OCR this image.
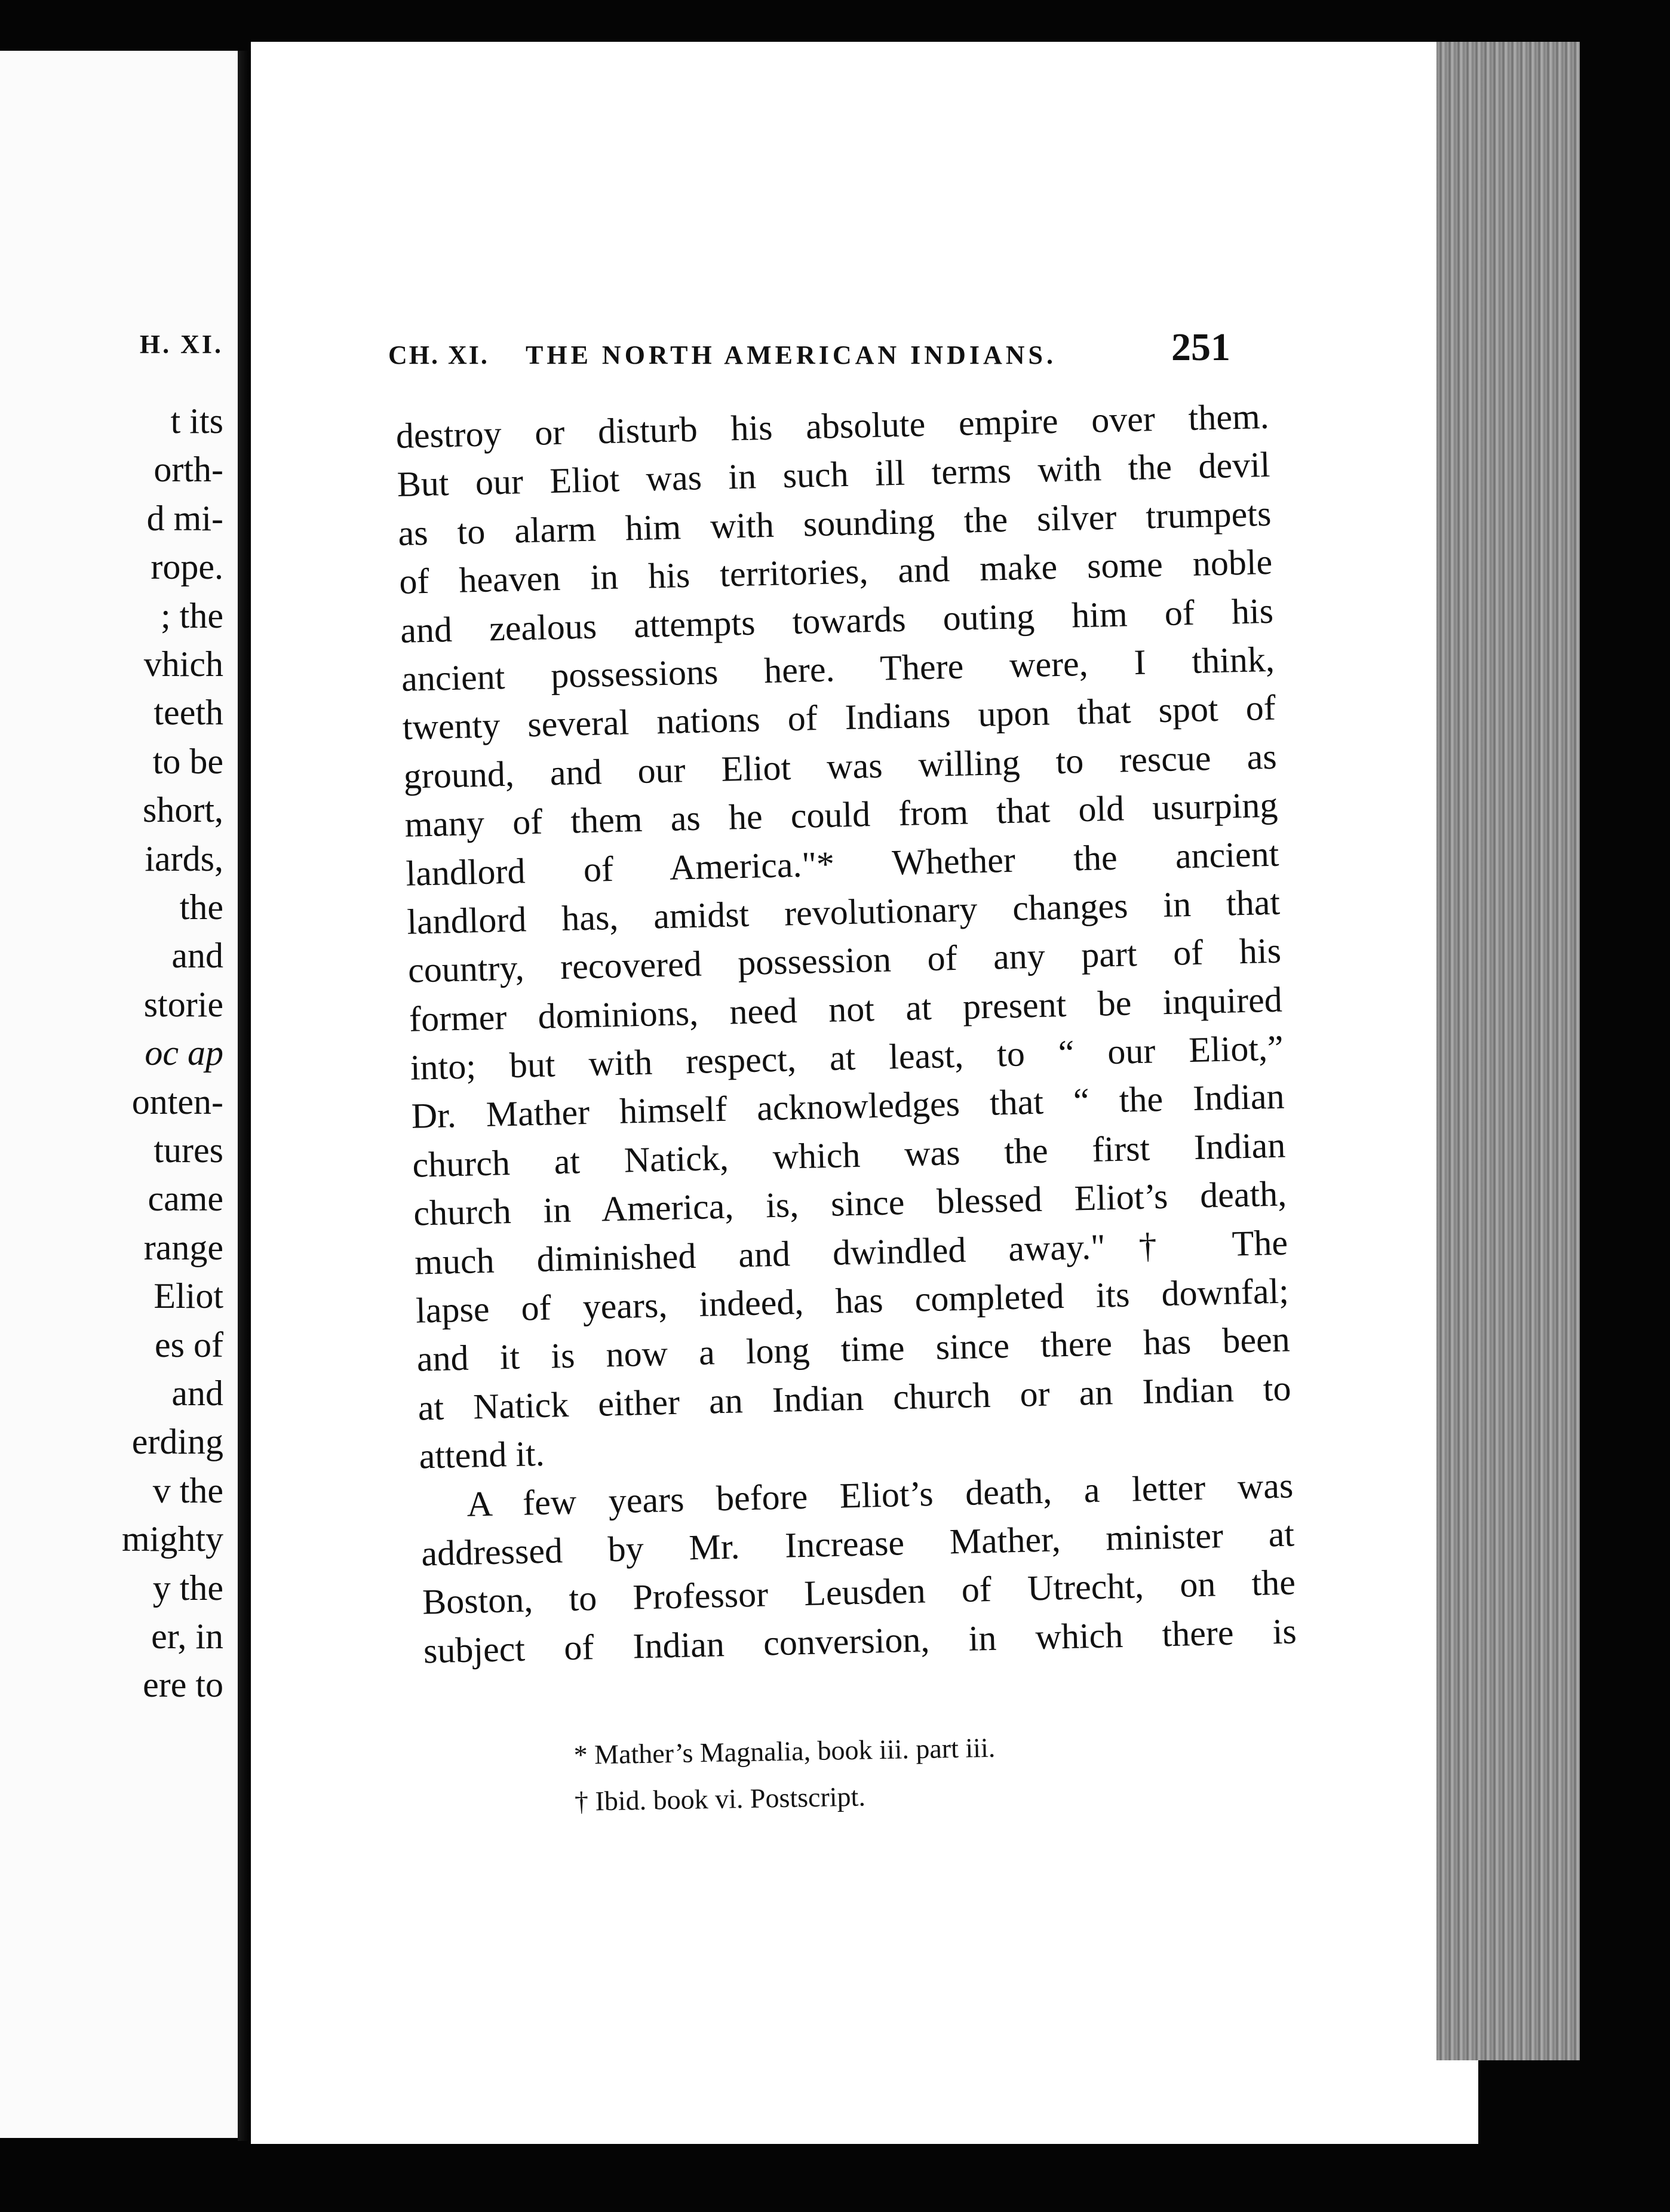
H. XI.
t its
orth-
d mi-
rope.
; the
vhich
teeth
to be
short,
iards,
the
and
storie
oc ap
onten-
tures
came
range
Eliot
es of
and
erding
v the
mighty
y the
er, in
ere to
CH. XI. THE NORTH AMERICAN INDIANS.	251

destroy or disturb his absolute empire over them.

But our Eliot was in such ill terms with the devil

as to alarm him with sounding the silver trumpets

of heaven in his territories, and make some noble

and zealous attempts towards outing him of his

ancient possessions here. There were, I think,

twenty several nations of Indians upon that spot of

ground, and our Eliot was willing to rescue as

many of them as he could from that old usurping

landlord of America."* Whether the ancient

landlord has, amidst revolutionary changes in that

country, recovered possession of any part of his

former dominions, need not at present be inquired

into; but with respect, at least, to “ our Eliot,”

Dr. Mather himself acknowledges that “ the Indian

church at Natick, which was the first Indian

church in America, is, since blessed Eliot’s death,

much diminished and dwindled away."† The

lapse of years, indeed, has completed its downfal;

and it is now a long time since there has been

at Natick either an Indian church or an Indian to

attend it.

A few years before Eliot’s death, a letter was

addressed by Mr. Increase Mather, minister at

Boston, to Professor Leusden of Utrecht, on the

subject of Indian conversion, in which there is

* Mather’s Magnalia, book iii. part iii.

† Ibid. book vi. Postscript.
